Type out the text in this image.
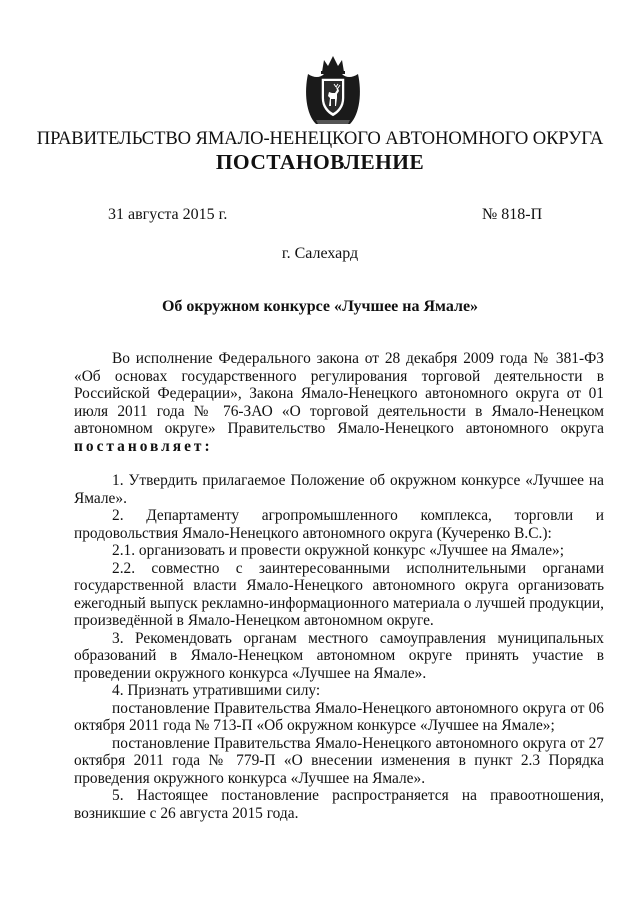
ПРАВИТЕЛЬСТВО ЯМАЛО-НЕНЕЦКОГО АВТОНОМНОГО ОКРУГА
ПОСТАНОВЛЕНИЕ
31 августа 2015 г.	№ 818-П
г. Салехард
Об окружном конкурсе «Лучшее на Ямале»

Во исполнение Федерального закона от 28 декабря 2009 года № 381-ФЗ «Об основах государственного регулирования торговой деятельности в Российской Федерации», Закона Ямало-Ненецкого автономного округа от 01 июля 2011 года № 76-ЗАО «О торговой деятельности в Ямало-Ненецком автономном округе» Правительство Ямало-Ненецкого автономного округа постановляет:

1. Утвердить прилагаемое Положение об окружном конкурсе «Лучшее на Ямале».

2. Департаменту агропромышленного комплекса, торговли и продовольствия Ямало-Ненецкого автономного округа (Кучеренко В.С.):

2.1. организовать и провести окружной конкурс «Лучшее на Ямале»;

2.2. совместно с заинтересованными исполнительными органами государственной власти Ямало-Ненецкого автономного округа организовать ежегодный выпуск рекламно-информационного материала о лучшей продукции, произведённой в Ямало-Ненецком автономном округе.

3. Рекомендовать органам местного самоуправления муниципальных образований в Ямало-Ненецком автономном округе принять участие в проведении окружного конкурса «Лучшее на Ямале».

4. Признать утратившими силу:

постановление Правительства Ямало-Ненецкого автономного округа от 06 октября 2011 года № 713-П «Об окружном конкурсе «Лучшее на Ямале»;

постановление Правительства Ямало-Ненецкого автономного округа от 27 октября 2011 года № 779-П «О внесении изменения в пункт 2.3 Порядка проведения окружного конкурса «Лучшее на Ямале».

5. Настоящее постановление распространяется на правоотношения, возникшие с 26 августа 2015 года.
